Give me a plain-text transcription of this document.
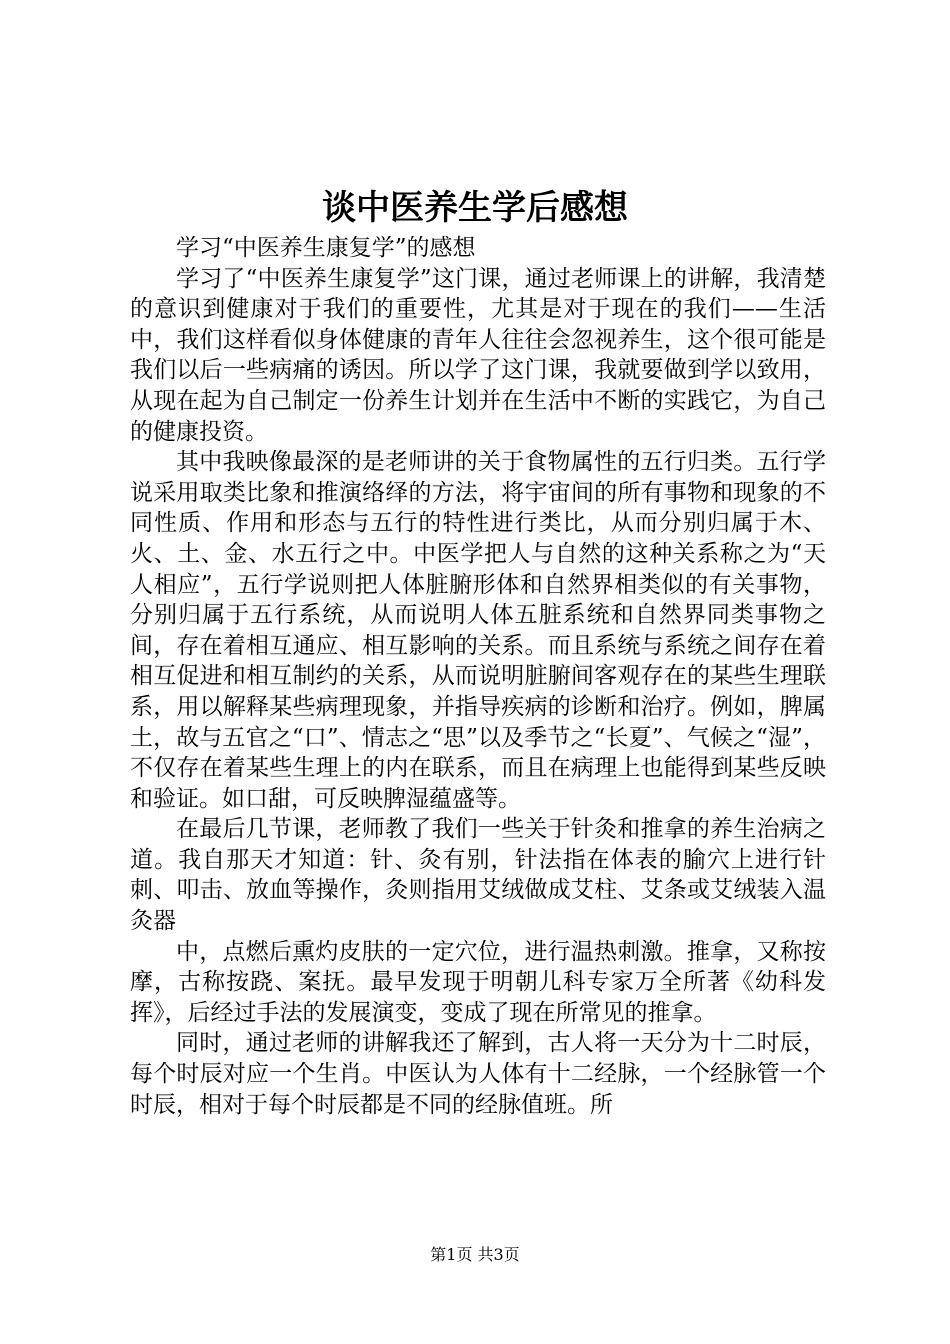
谈中医养生学后感想

学习“中医养生康复学”的感想

学习了“中医养生康复学”这门课，通过老师课上的讲解，我清楚的意识到健康对于我们的重要性，尤其是对于现在的我们——生活中，我们这样看似身体健康的青年人往往会忽视养生，这个很可能是我们以后一些病痛的诱因。所以学了这门课，我就要做到学以致用，从现在起为自己制定一份养生计划并在生活中不断的实践它，为自己的健康投资。

其中我映像最深的是老师讲的关于食物属性的五行归类。五行学说采用取类比象和推演络绎的方法，将宇宙间的所有事物和现象的不同性质、作用和形态与五行的特性进行类比，从而分别归属于木、火、土、金、水五行之中。中医学把人与自然的这种关系称之为“天人相应”，五行学说则把人体脏腑形体和自然界相类似的有关事物，分别归属于五行系统，从而说明人体五脏系统和自然界同类事物之间，存在着相互通应、相互影响的关系。而且系统与系统之间存在着相互促进和相互制约的关系，从而说明脏腑间客观存在的某些生理联系，用以解释某些病理现象，并指导疾病的诊断和治疗。例如，脾属土，故与五官之“口”、情志之“思”以及季节之“长夏”、气候之“湿”，不仅存在着某些生理上的内在联系，而且在病理上也能得到某些反映和验证。如口甜，可反映脾湿蕴盛等。

在最后几节课，老师教了我们一些关于针灸和推拿的养生治病之道。我自那天才知道：针、灸有别，针法指在体表的腧穴上进行针刺、叩击、放血等操作，灸则指用艾绒做成艾柱、艾条或艾绒装入温灸器

中，点燃后熏灼皮肤的一定穴位，进行温热刺激。推拿，又称按摩，古称按跷、案抚。最早发现于明朝儿科专家万全所著《幼科发挥》，后经过手法的发展演变，变成了现在所常见的推拿。

同时，通过老师的讲解我还了解到，古人将一天分为十二时辰，每个时辰对应一个生肖。中医认为人体有十二经脉，一个经脉管一个时辰，相对于每个时辰都是不同的经脉值班。所

第1页 共3页
